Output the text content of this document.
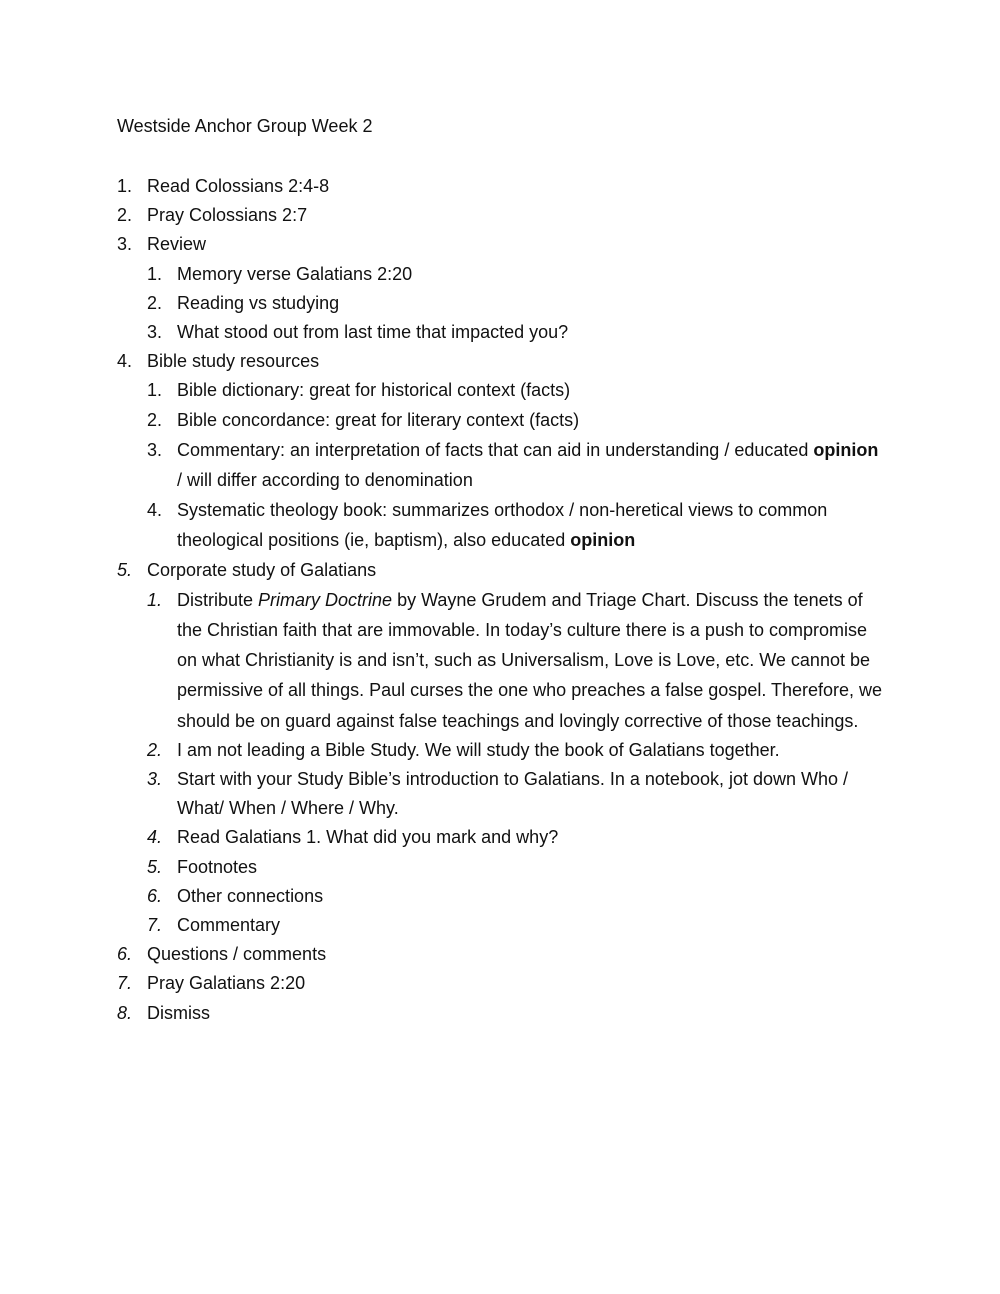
Westside Anchor Group Week 2
1. Read Colossians 2:4-8
2. Pray Colossians 2:7
3. Review
1. Memory verse Galatians 2:20
2. Reading vs studying
3. What stood out from last time that impacted you?
4. Bible study resources
1. Bible dictionary: great for historical context (facts)
2. Bible concordance: great for literary context (facts)
3. Commentary: an interpretation of facts that can aid in understanding / educated opinion / will differ according to denomination
4. Systematic theology book: summarizes orthodox / non-heretical views to common theological positions (ie, baptism), also educated opinion
5. Corporate study of Galatians
1. Distribute Primary Doctrine by Wayne Grudem and Triage Chart. Discuss the tenets of the Christian faith that are immovable. In today’s culture there is a push to compromise on what Christianity is and isn’t, such as Universalism, Love is Love, etc. We cannot be permissive of all things. Paul curses the one who preaches a false gospel. Therefore, we should be on guard against false teachings and lovingly corrective of those teachings.
2. I am not leading a Bible Study. We will study the book of Galatians together.
3. Start with your Study Bible’s introduction to Galatians. In a notebook, jot down Who / What/ When / Where / Why.
4. Read Galatians 1. What did you mark and why?
5. Footnotes
6. Other connections
7. Commentary
6. Questions / comments
7. Pray Galatians 2:20
8. Dismiss
